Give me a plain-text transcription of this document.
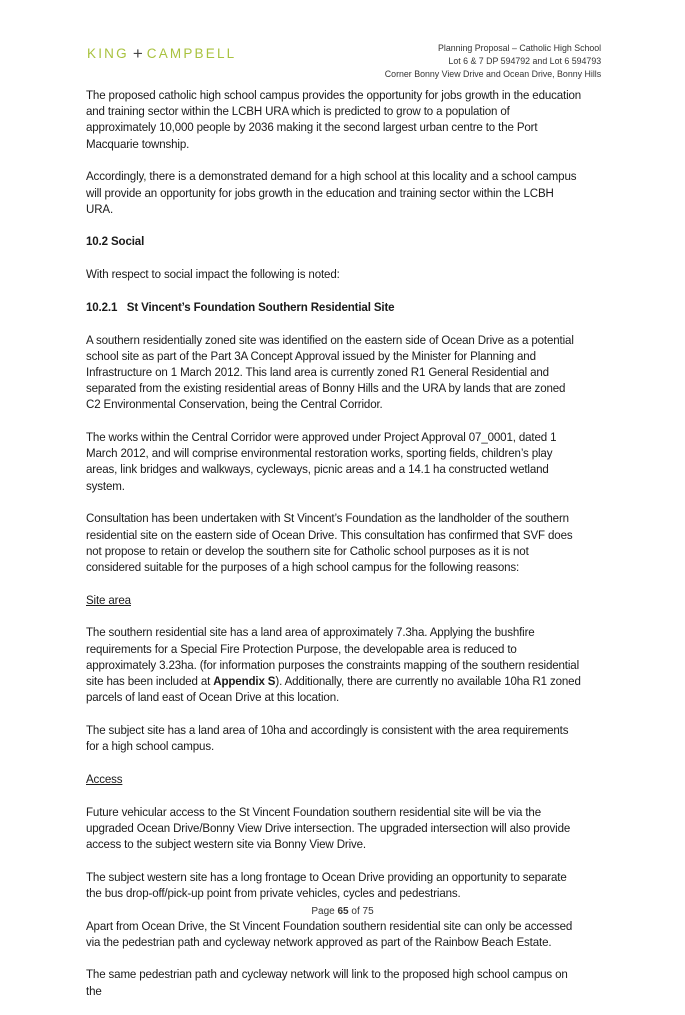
KING + CAMPBELL	Planning Proposal – Catholic High School
Lot 6 & 7 DP 594792 and Lot 6 594793
Corner Bonny View Drive and Ocean Drive, Bonny Hills

The proposed catholic high school campus provides the opportunity for jobs growth in the education and training sector within the LCBH URA which is predicted to grow to a population of approximately 10,000 people by 2036 making it the second largest urban centre to the Port Macquarie township.

Accordingly, there is a demonstrated demand for a high school at this locality and a school campus will provide an opportunity for jobs growth in the education and training sector within the LCBH URA.

10.2 Social

With respect to social impact the following is noted:

10.2.1 St Vincent’s Foundation Southern Residential Site

A southern residentially zoned site was identified on the eastern side of Ocean Drive as a potential school site as part of the Part 3A Concept Approval issued by the Minister for Planning and Infrastructure on 1 March 2012. This land area is currently zoned R1 General Residential and separated from the existing residential areas of Bonny Hills and the URA by lands that are zoned C2 Environmental Conservation, being the Central Corridor.

The works within the Central Corridor were approved under Project Approval 07_0001, dated 1 March 2012, and will comprise environmental restoration works, sporting fields, children’s play areas, link bridges and walkways, cycleways, picnic areas and a 14.1 ha constructed wetland system.

Consultation has been undertaken with St Vincent’s Foundation as the landholder of the southern residential site on the eastern side of Ocean Drive. This consultation has confirmed that SVF does not propose to retain or develop the southern site for Catholic school purposes as it is not considered suitable for the purposes of a high school campus for the following reasons:

Site area

The southern residential site has a land area of approximately 7.3ha. Applying the bushfire requirements for a Special Fire Protection Purpose, the developable area is reduced to approximately 3.23ha. (for information purposes the constraints mapping of the southern residential site has been included at Appendix S). Additionally, there are currently no available 10ha R1 zoned parcels of land east of Ocean Drive at this location.

The subject site has a land area of 10ha and accordingly is consistent with the area requirements for a high school campus.

Access

Future vehicular access to the St Vincent Foundation southern residential site will be via the upgraded Ocean Drive/Bonny View Drive intersection. The upgraded intersection will also provide access to the subject western site via Bonny View Drive.

The subject western site has a long frontage to Ocean Drive providing an opportunity to separate the bus drop-off/pick-up point from private vehicles, cycles and pedestrians.

Apart from Ocean Drive, the St Vincent Foundation southern residential site can only be accessed via the pedestrian path and cycleway network approved as part of the Rainbow Beach Estate.

The same pedestrian path and cycleway network will link to the proposed high school campus on the

Page 65 of 75
